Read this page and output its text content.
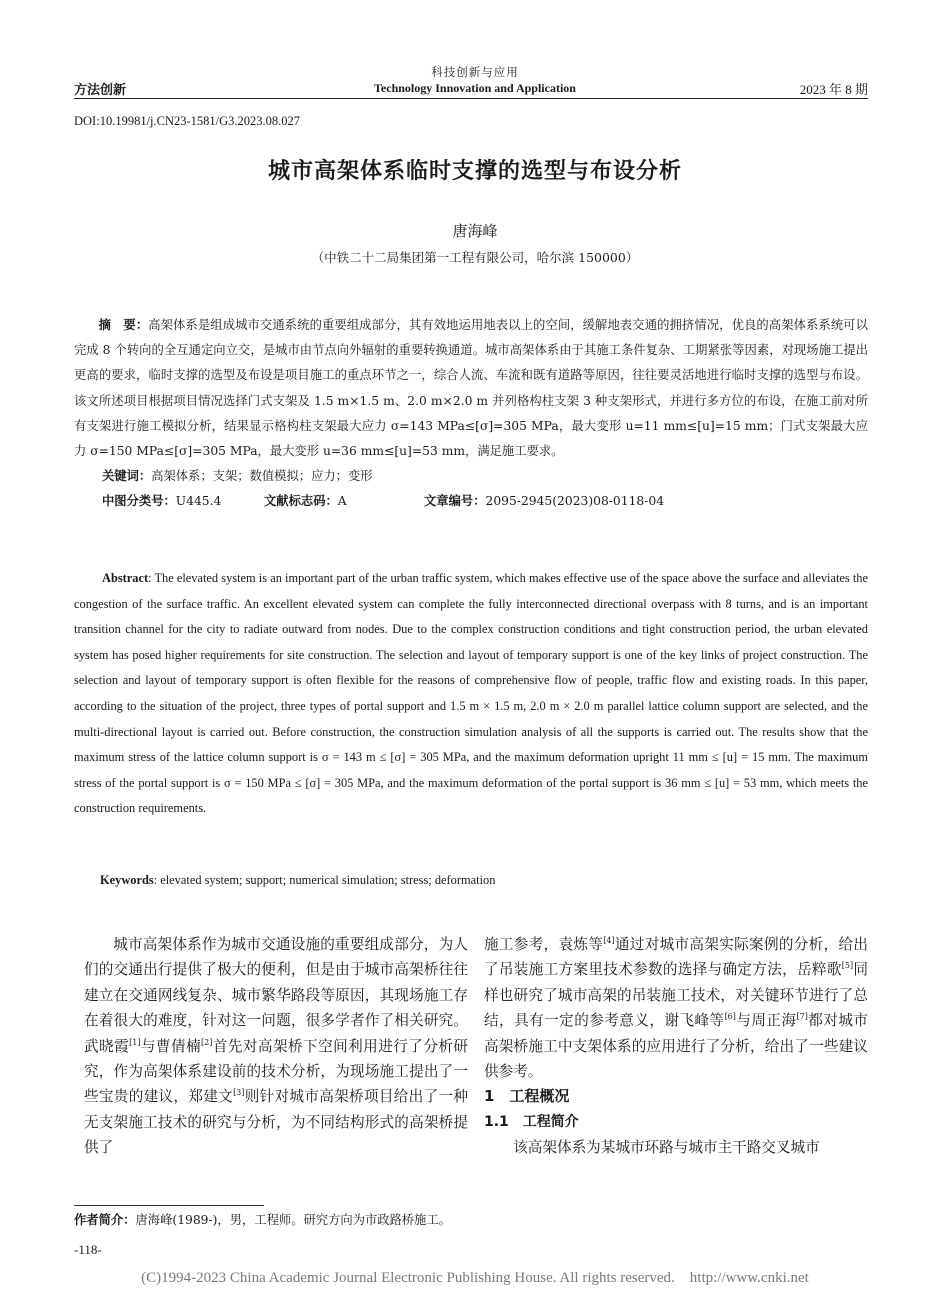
方法创新
科技创新与应用
Technology Innovation and Application	2023 年 8 期
DOI:10.19981/j.CN23-1581/G3.2023.08.027
城市高架体系临时支撑的选型与布设分析
唐海峰
（中铁二十二局集团第一工程有限公司，哈尔滨 150000）
摘　要：高架体系是组成城市交通系统的重要组成部分，其有效地运用地表以上的空间，缓解地表交通的拥挤情况，优良的高架体系系统可以完成 8 个转向的全互通定向立交，是城市由节点向外辐射的重要转换通道。城市高架体系由于其施工条件复杂、工期紧张等因素，对现场施工提出更高的要求，临时支撑的选型及布设是项目施工的重点环节之一，综合人流、车流和既有道路等原因，往往要灵活地进行临时支撑的选型与布设。该文所述项目根据项目情况选择门式支架及 1.5 m×1.5 m、2.0 m×2.0 m 并列格构柱支架 3 种支架形式，并进行多方位的布设，在施工前对所有支架进行施工模拟分析，结果显示格构柱支架最大应力 σ=143 MPa≤[σ]=305 MPa，最大变形 u=11 mm≤[u]=15 mm；门式支架最大应力 σ=150 MPa≤[σ]=305 MPa，最大变形 u=36 mm≤[u]=53 mm，满足施工要求。
关键词：高架体系；支架；数值模拟；应力；变形
中图分类号：U445.4	文献标志码：A	文章编号：2095-2945(2023)08-0118-04
Abstract: The elevated system is an important part of the urban traffic system, which makes effective use of the space above the surface and alleviates the congestion of the surface traffic. An excellent elevated system can complete the fully interconnected directional overpass with 8 turns, and is an important transition channel for the city to radiate outward from nodes. Due to the complex construction conditions and tight construction period, the urban elevated system has posed higher requirements for site construction. The selection and layout of temporary support is one of the key links of project construction. The selection and layout of temporary support is often flexible for the reasons of comprehensive flow of people, traffic flow and existing roads. In this paper, according to the situation of the project, three types of portal support and 1.5 m × 1.5 m, 2.0 m × 2.0 m parallel lattice column support are selected, and the multi-directional layout is carried out. Before construction, the construction simulation analysis of all the supports is carried out. The results show that the maximum stress of the lattice column support is σ = 143 m ≤ [σ] = 305 MPa, and the maximum deformation upright 11 mm ≤ [u] = 15 mm. The maximum stress of the portal support is σ = 150 MPa ≤ [σ] = 305 MPa, and the maximum deformation of the portal support is 36 mm ≤ [u] = 53 mm, which meets the construction requirements.
Keywords: elevated system; support; numerical simulation; stress; deformation

城市高架体系作为城市交通设施的重要组成部分，为人们的交通出行提供了极大的便利，但是由于城市高架桥往往建立在交通网线复杂、城市繁华路段等原因，其现场施工存在着很大的难度，针对这一问题，很多学者作了相关研究。武晓霞[1]与曹倩楠[2]首先对高架桥下空间利用进行了分析研究，作为高架体系建设前的技术分析，为现场施工提出了一些宝贵的建议，郑建文[3]则针对城市高架桥项目给出了一种无支架施工技术的研究与分析，为不同结构形式的高架桥提供了

施工参考，袁炼等[4]通过对城市高架实际案例的分析，给出了吊装施工方案里技术参数的选择与确定方法，岳粹歌[5]同样也研究了城市高架的吊装施工技术，对关键环节进行了总结，具有一定的参考意义，谢飞峰等[6]与周正海[7]都对城市高架桥施工中支架体系的应用进行了分析，给出了一些建议供参考。

1　工程概况

1.1　工程简介

该高架体系为某城市环路与城市主干路交叉城市

作者简介：唐海峰(1989-)，男，工程师。研究方向为市政路桥施工。
-118-
(C)1994-2023 China Academic Journal Electronic Publishing House. All rights reserved.　http://www.cnki.net
